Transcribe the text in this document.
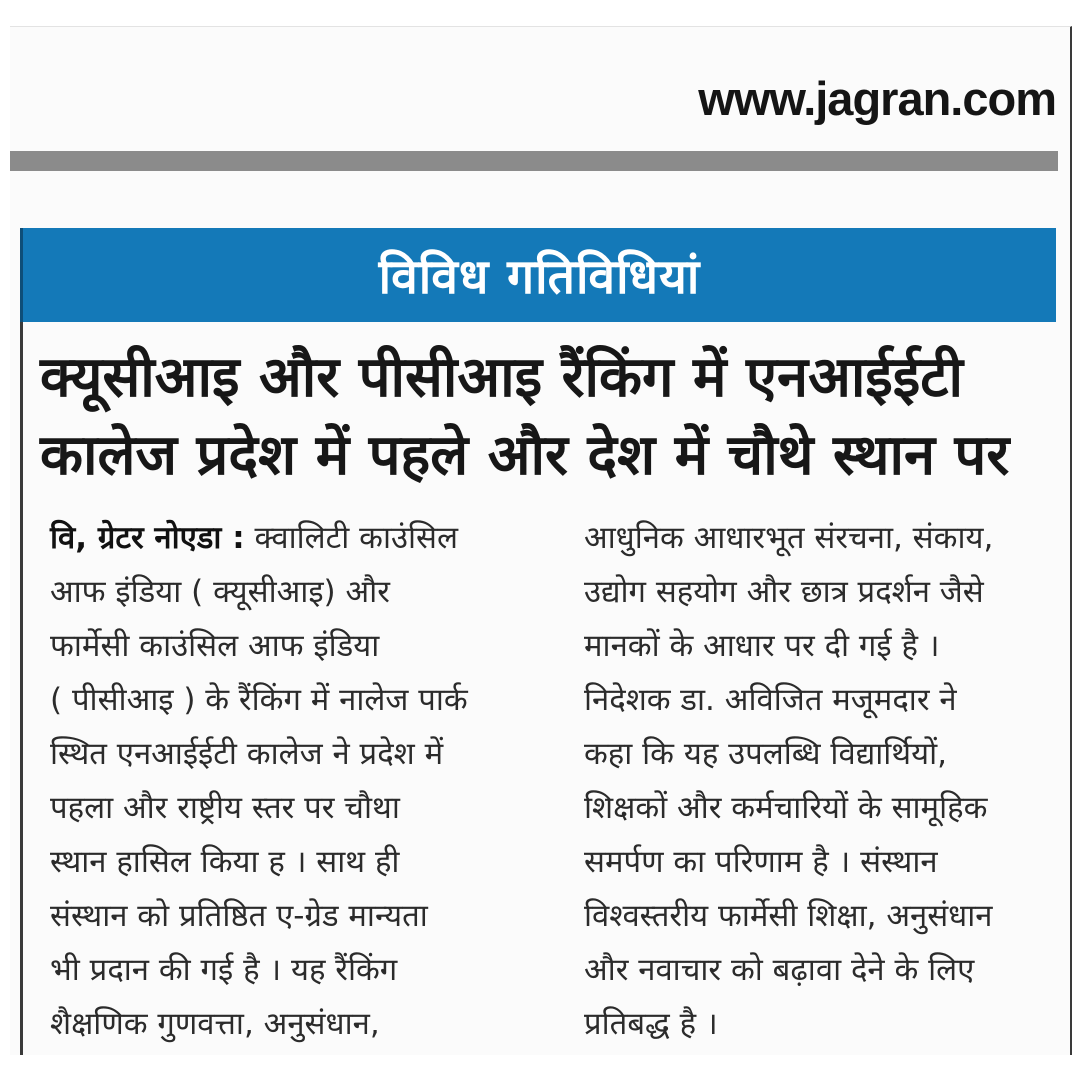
www.jagran.com
विविध गतिविधियां
क्यूसीआइ और पीसीआइ रैंकिंग में एनआईईटी
कालेज प्रदेश में पहले और देश में चौथे स्थान पर
वि, ग्रेटर नोएडा : क्वालिटी काउंसिल
आफ इंडिया ( क्यूसीआइ) और
फार्मेसी काउंसिल आफ इंडिया
( पीसीआइ ) के रैंकिंग में नालेज पार्क
स्थित एनआईईटी कालेज ने प्रदेश में
पहला और राष्ट्रीय स्तर पर चौथा
स्थान हासिल किया ह । साथ ही
संस्थान को प्रतिष्ठित ए-ग्रेड मान्यता
भी प्रदान की गई है । यह रैंकिंग
शैक्षणिक गुणवत्ता, अनुसंधान,
आधुनिक आधारभूत संरचना, संकाय,
उद्योग सहयोग और छात्र प्रदर्शन जैसे
मानकों के आधार पर दी गई है ।
निदेशक डा. अविजित मजूमदार ने
कहा कि यह उपलब्धि विद्यार्थियों,
शिक्षकों और कर्मचारियों के सामूहिक
समर्पण का परिणाम है । संस्थान
विश्वस्तरीय फार्मेसी शिक्षा, अनुसंधान
और नवाचार को बढ़ावा देने के लिए
प्रतिबद्ध है ।
